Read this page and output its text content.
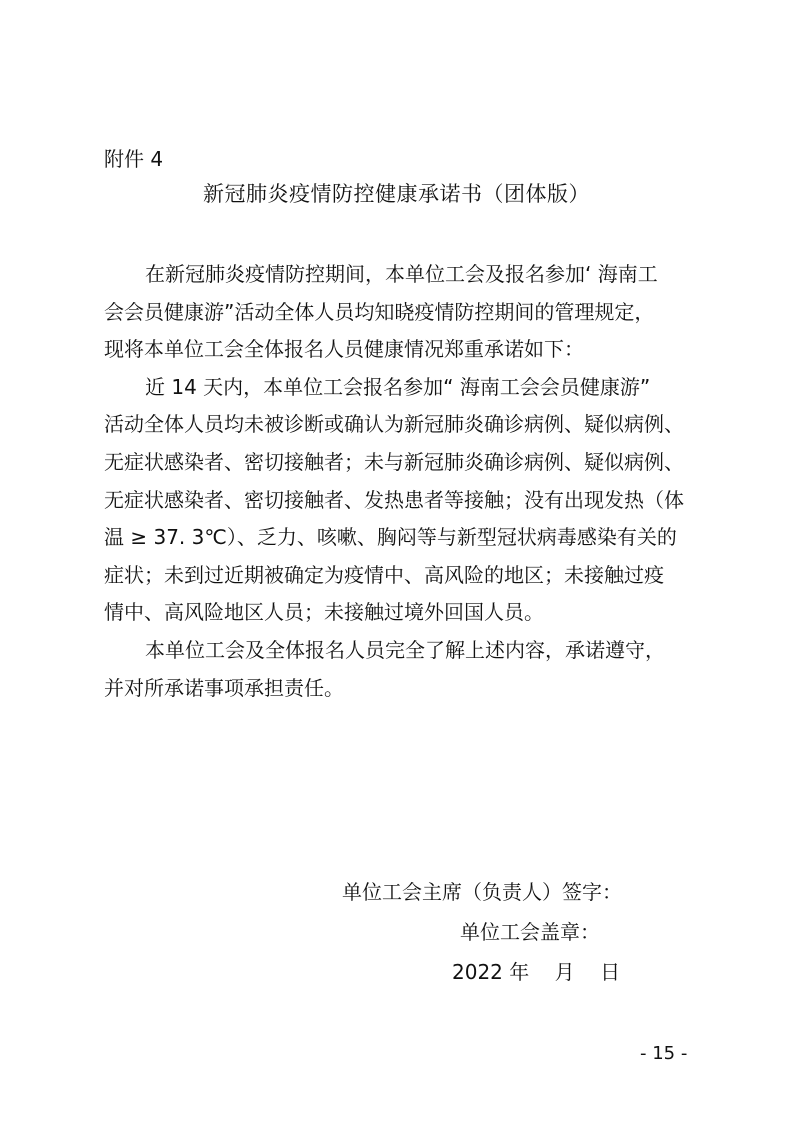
附件 4
新冠肺炎疫情防控健康承诺书（团体版）
在新冠肺炎疫情防控期间，本单位工会及报名参加‘ 海南工
会会员健康游”活动全体人员均知晓疫情防控期间的管理规定，
现将本单位工会全体报名人员健康情况郑重承诺如下：
近 14 天内，本单位工会报名参加“ 海南工会会员健康游”
活动全体人员均未被诊断或确认为新冠肺炎确诊病例、疑似病例、
无症状感染者、密切接触者；未与新冠肺炎确诊病例、疑似病例、
无症状感染者、密切接触者、发热患者等接触；没有出现发热（体
温 ≥ 37. 3℃）、乏力、咳嗽、胸闷等与新型冠状病毒感染有关的
症状；未到过近期被确定为疫情中、高风险的地区；未接触过疫
情中、高风险地区人员；未接触过境外回国人员。
本单位工会及全体报名人员完全了解上述内容，承诺遵守，
并对所承诺事项承担责任。
单位工会主席（负责人）签字：
单位工会盖章：
2022 年    月    日
- 15 -
